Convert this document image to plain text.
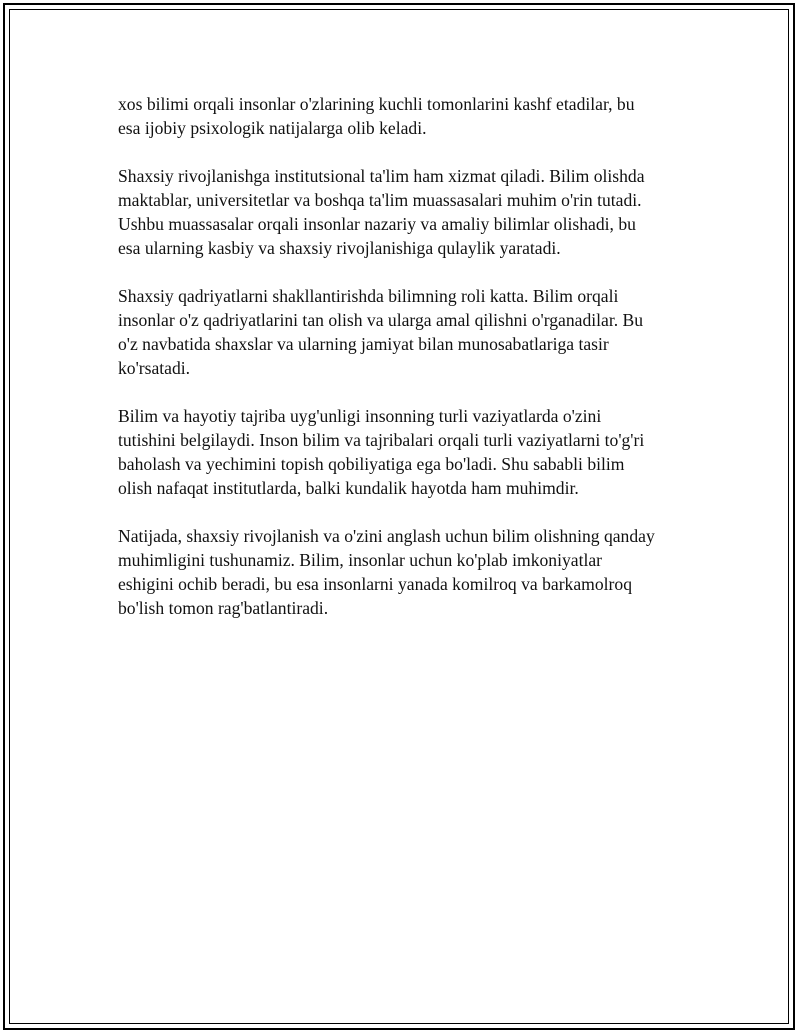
xos bilimi orqali insonlar o'zlarining kuchli tomonlarini kashf etadilar, bu
esa ijobiy psixologik natijalarga olib keladi.

Shaxsiy rivojlanishga institutsional ta'lim ham xizmat qiladi. Bilim olishda
maktablar, universitetlar va boshqa ta'lim muassasalari muhim o'rin tutadi.
Ushbu muassasalar orqali insonlar nazariy va amaliy bilimlar olishadi, bu
esa ularning kasbiy va shaxsiy rivojlanishiga qulaylik yaratadi.

Shaxsiy qadriyatlarni shakllantirishda bilimning roli katta. Bilim orqali
insonlar o'z qadriyatlarini tan olish va ularga amal qilishni o'rganadilar. Bu
o'z navbatida shaxslar va ularning jamiyat bilan munosabatlariga tasir
ko'rsatadi.

Bilim va hayotiy tajriba uyg'unligi insonning turli vaziyatlarda o'zini
tutishini belgilaydi. Inson bilim va tajribalari orqali turli vaziyatlarni to'g'ri
baholash va yechimini topish qobiliyatiga ega bo'ladi. Shu sababli bilim
olish nafaqat institutlarda, balki kundalik hayotda ham muhimdir.

Natijada, shaxsiy rivojlanish va o'zini anglash uchun bilim olishning qanday
muhimligini tushunamiz. Bilim, insonlar uchun ko'plab imkoniyatlar
eshigini ochib beradi, bu esa insonlarni yanada komilroq va barkamolroq
bo'lish tomon rag'batlantiradi.
